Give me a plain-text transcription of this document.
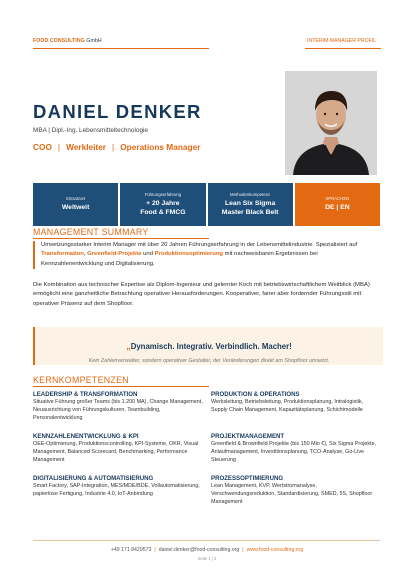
FOOD CONSULTING GmbH	INTERIM MANAGER PROFIL
DANIEL DENKER
MBA | Dipl.-Ing. Lebensmitteltechnologie
COO | Werkleiter | Operations Manager
Einsatzort
Weltweit
Führungserfahrung
+ 20 Jahre
Food & FMCG
Methodenkompetenz
Lean Six Sigma
Master Black Belt
SPRACHEN
DE | EN
MANAGEMENT SUMMARY

Umsetzungsstarker Interim Manager mit über 20 Jahren Führungserfahrung in der Lebensmittelindustrie. Spezialisiert auf Transformation, Greenfield-Projekte und Produktionsoptimierung mit nachweisbaren Ergebnissen bei Kennzahlenentwicklung und Digitalisierung.

Die Kombination aus technischer Expertise als Diplom-Ingenieur und gelernter Koch mit betriebswirtschaftlichem Weitblick (MBA) ermöglicht eine ganzheitliche Betrachtung operativer Herausforderungen. Kooperativer, fairer aber fordernder Führungsstil mit operativer Präsenz auf dem Shopfloor.

„Dynamisch. Integrativ. Verbindlich. Macher!
Kein Zahlenverwalter, sondern operativer Gestalter, der Veränderungen direkt am Shopfloor umsetzt.
KERNKOMPETENZEN
LEADERSHIP & TRANSFORMATION
Situative Führung großer Teams (bis 1.200 MA), Change Management, Neuausrichtung von Führungskulturen, Teambuilding, Personalentwicklung
PRODUKTION & OPERATIONS
Werksleitung, Betriebsleitung, Produktionsplanung, Intralogistik, Supply Chain Management, Kapazitätsplanung, Schichtmodelle
KENNZAHLENENTWICKLUNG & KPI
OEE-Optimierung, Produktionscontrolling, KPI-Systeme, OKR, Visual Management, Balanced Scorecard, Benchmarking, Performance Management
PROJEKTMANAGEMENT
Greenfield & Brownfield Projekte (bis 150 Mio €), Six Sigma Projekte, Anlaufmanagement, Investitionsplanung, TCO-Analyse, Go-Live Steuerung
DIGITALISIERUNG & AUTOMATISIERUNG
Smart Factory, SAP-Integration, MES/MDE/BDE, Vollautomatisierung, papierlose Fertigung, Industrie 4.0, IoT-Anbindung
PROZESSOPTIMIERUNG
Lean Management, KVP, Wertstromanalyse, Verschwendungsreduktion, Standardisierung, SMED, 5S, Shopfloor Management
+49 171 8429573 | daniel.denker@food-consulting.org | www.food-consulting.org
Seite 1 | 3
